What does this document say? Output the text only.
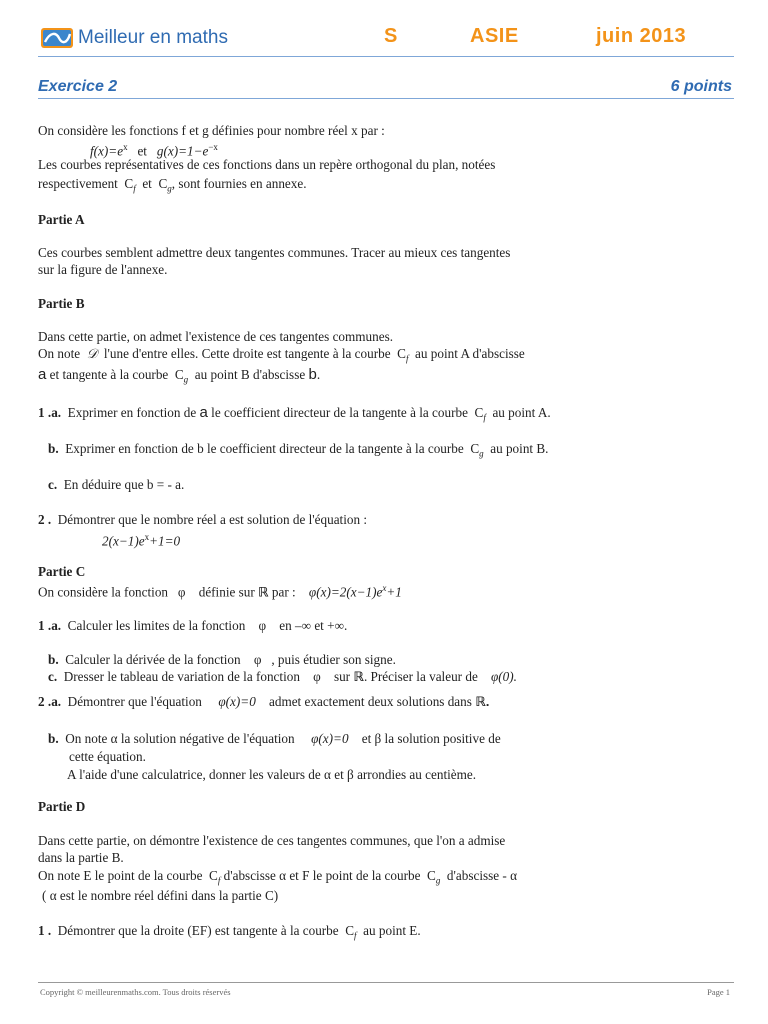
Meilleur en maths	S	ASIE	juin 2013
Exercice 2	6 points
On considère les fonctions f et g définies pour nombre réel x par :
$f(x)=e^x$ et $g(x)=1-e^{-x}$
Les courbes représentatives de ces fonctions dans un repère orthogonal du plan, notées
respectivement $C_f$ et $C_g$, sont fournies en annexe.
Partie A
Ces courbes semblent admettre deux tangentes communes. Tracer au mieux ces tangentes
sur la figure de l'annexe.
Partie B
Dans cette partie, on admet l'existence de ces tangentes communes.
On note 𝒟 l'une d'entre elles. Cette droite est tangente à la courbe $C_f$ au point A d'abscisse
a et tangente à la courbe $C_g$ au point B d'abscisse b.
1 .a. Exprimer en fonction de a le coefficient directeur de la tangente à la courbe $C_f$ au point A.
b. Exprimer en fonction de b le coefficient directeur de la tangente à la courbe $C_g$ au point B.
c. En déduire que b = - a.
2 . Démontrer que le nombre réel a est solution de l'équation :
$2(x-1)e^x+1=0$
Partie C
On considère la fonction φ définie sur ℝ par : $\varphi(x)=2(x-1)e^x+1$
1 .a. Calculer les limites de la fonction φ en –∞ et +∞.
b. Calculer la dérivée de la fonction φ , puis étudier son signe.
c. Dresser le tableau de variation de la fonction φ sur ℝ. Préciser la valeur de φ(0).
2 .a. Démontrer que l'équation φ(x)=0 admet exactement deux solutions dans ℝ.
b. On note α la solution négative de l'équation φ(x)=0 et β la solution positive de
cette équation.
A l'aide d'une calculatrice, donner les valeurs de α et β arrondies au centième.
Partie D
Dans cette partie, on démontre l'existence de ces tangentes communes, que l'on a admise
dans la partie B.
On note E le point de la courbe $C_f$ d'abscisse α et F le point de la courbe $C_g$ d'abscisse - α
( α est le nombre réel défini dans la partie C)
1 . Démontrer que la droite (EF) est tangente à la courbe $C_f$ au point E.
Copyright © meilleurenmaths.com. Tous droits réservés	Page 1
